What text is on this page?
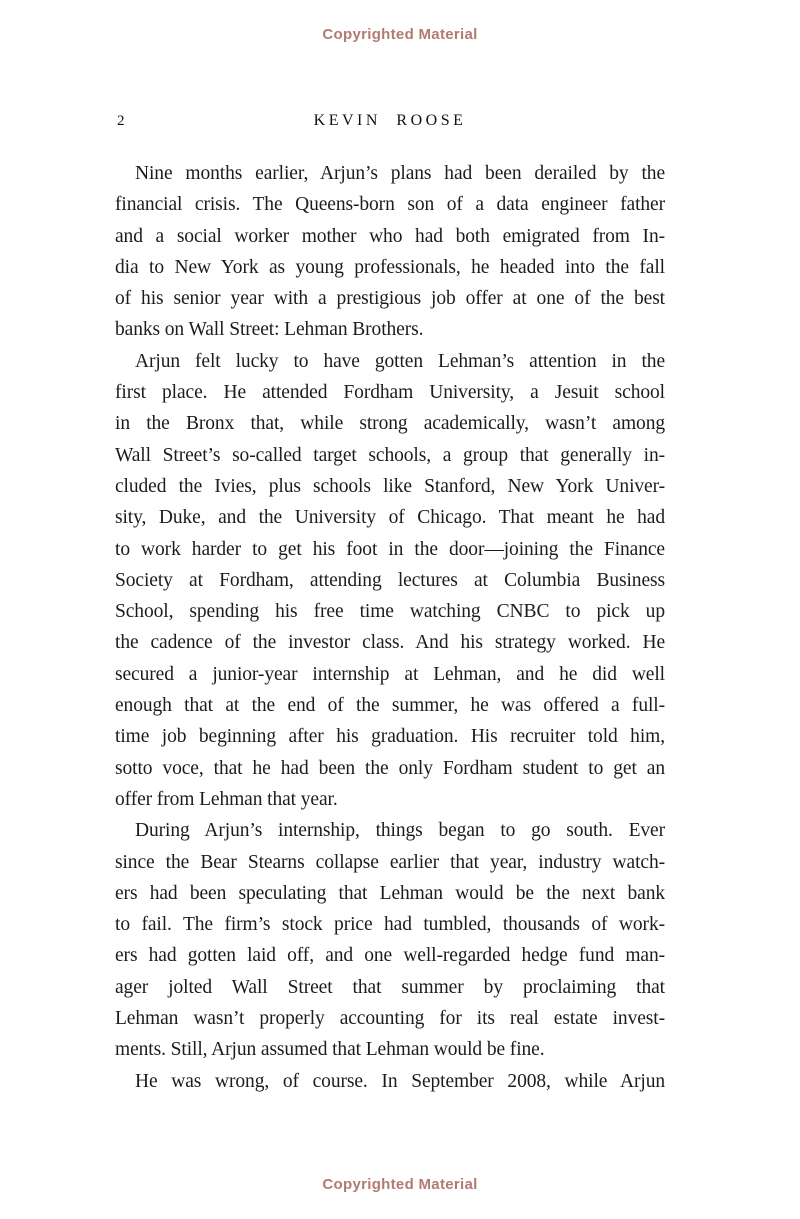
Copyrighted Material
2	KEVIN ROOSE
Nine months earlier, Arjun’s plans had been derailed by the
financial crisis. The Queens-born son of a data engineer father
and a social worker mother who had both emigrated from In-
dia to New York as young professionals, he headed into the fall
of his senior year with a prestigious job offer at one of the best
banks on Wall Street: Lehman Brothers.
Arjun felt lucky to have gotten Lehman’s attention in the
first place. He attended Fordham University, a Jesuit school
in the Bronx that, while strong academically, wasn’t among
Wall Street’s so-called target schools, a group that generally in-
cluded the Ivies, plus schools like Stanford, New York Univer-
sity, Duke, and the University of Chicago. That meant he had
to work harder to get his foot in the door—joining the Finance
Society at Fordham, attending lectures at Columbia Business
School, spending his free time watching CNBC to pick up
the cadence of the investor class. And his strategy worked. He
secured a junior-year internship at Lehman, and he did well
enough that at the end of the summer, he was offered a full-
time job beginning after his graduation. His recruiter told him,
sotto voce, that he had been the only Fordham student to get an
offer from Lehman that year.
During Arjun’s internship, things began to go south. Ever
since the Bear Stearns collapse earlier that year, industry watch-
ers had been speculating that Lehman would be the next bank
to fail. The firm’s stock price had tumbled, thousands of work-
ers had gotten laid off, and one well-regarded hedge fund man-
ager jolted Wall Street that summer by proclaiming that
Lehman wasn’t properly accounting for its real estate invest-
ments. Still, Arjun assumed that Lehman would be fine.
He was wrong, of course. In September 2008, while Arjun
Copyrighted Material
